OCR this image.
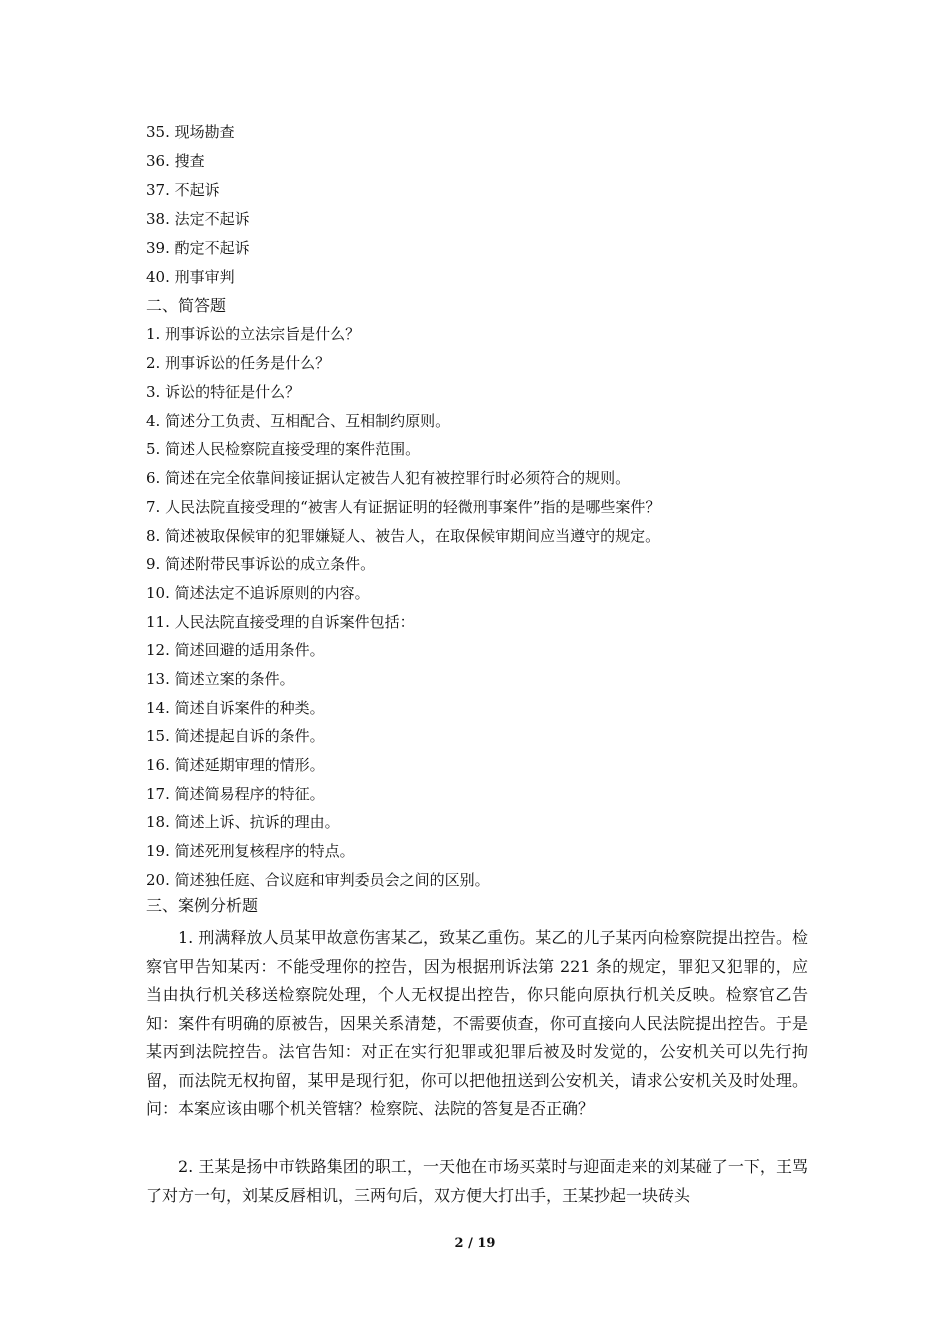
35. 现场勘查
36. 搜查
37. 不起诉
38. 法定不起诉
39. 酌定不起诉
40. 刑事审判
二、简答题
1. 刑事诉讼的立法宗旨是什么？
2. 刑事诉讼的任务是什么？
3. 诉讼的特征是什么？
4. 简述分工负责、互相配合、互相制约原则。
5. 简述人民检察院直接受理的案件范围。
6. 简述在完全依靠间接证据认定被告人犯有被控罪行时必须符合的规则。
7. 人民法院直接受理的“被害人有证据证明的轻微刑事案件”指的是哪些案件？
8. 简述被取保候审的犯罪嫌疑人、被告人，在取保候审期间应当遵守的规定。
9. 简述附带民事诉讼的成立条件。
10. 简述法定不追诉原则的内容。
11. 人民法院直接受理的自诉案件包括：
12. 简述回避的适用条件。
13. 简述立案的条件。
14. 简述自诉案件的种类。
15. 简述提起自诉的条件。
16. 简述延期审理的情形。
17. 简述简易程序的特征。
18. 简述上诉、抗诉的理由。
19. 简述死刑复核程序的特点。
20. 简述独任庭、合议庭和审判委员会之间的区别。
三、案例分析题

1. 刑满释放人员某甲故意伤害某乙，致某乙重伤。某乙的儿子某丙向检察院提出控告。检察官甲告知某丙：不能受理你的控告，因为根据刑诉法第 221 条的规定，罪犯又犯罪的，应当由执行机关移送检察院处理，个人无权提出控告，你只能向原执行机关反映。检察官乙告知：案件有明确的原被告，因果关系清楚，不需要侦查，你可直接向人民法院提出控告。于是某丙到法院控告。法官告知：对正在实行犯罪或犯罪后被及时发觉的，公安机关可以先行拘留，而法院无权拘留，某甲是现行犯，你可以把他扭送到公安机关，请求公安机关及时处理。 问：本案应该由哪个机关管辖？检察院、法院的答复是否正确？

2. 王某是扬中市铁路集团的职工，一天他在市场买菜时与迎面走来的刘某碰了一下，王骂了对方一句，刘某反唇相讥，三两句后，双方便大打出手，王某抄起一块砖头

2 / 19
